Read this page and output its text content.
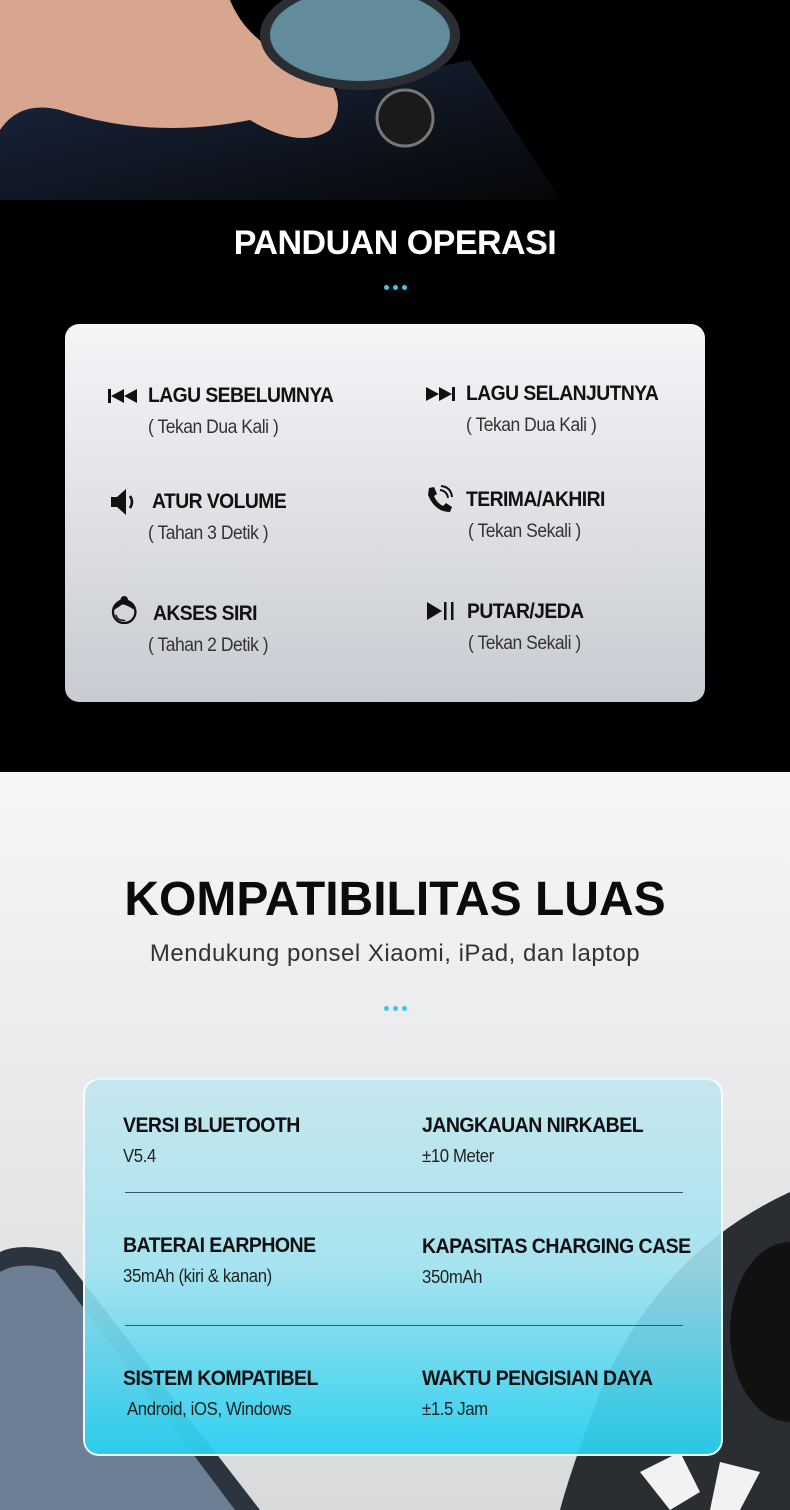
PANDUAN OPERASI
LAGU SEBELUMNYA
( Tekan Dua Kali )
LAGU SELANJUTNYA
( Tekan Dua Kali )
ATUR VOLUME
( Tahan 3 Detik )
TERIMA/AKHIRI
( Tekan Sekali )
AKSES SIRI
( Tahan 2 Detik )
PUTAR/JEDA
( Tekan Sekali )
KOMPATIBILITAS LUAS
Mendukung ponsel Xiaomi, iPad, dan laptop
VERSI BLUETOOTH
V5.4
JANGKAUAN NIRKABEL
±10 Meter
BATERAI EARPHONE
35mAh (kiri & kanan)
KAPASITAS CHARGING CASE
350mAh
SISTEM KOMPATIBEL
Android, iOS, Windows
WAKTU PENGISIAN DAYA
±1.5 Jam
